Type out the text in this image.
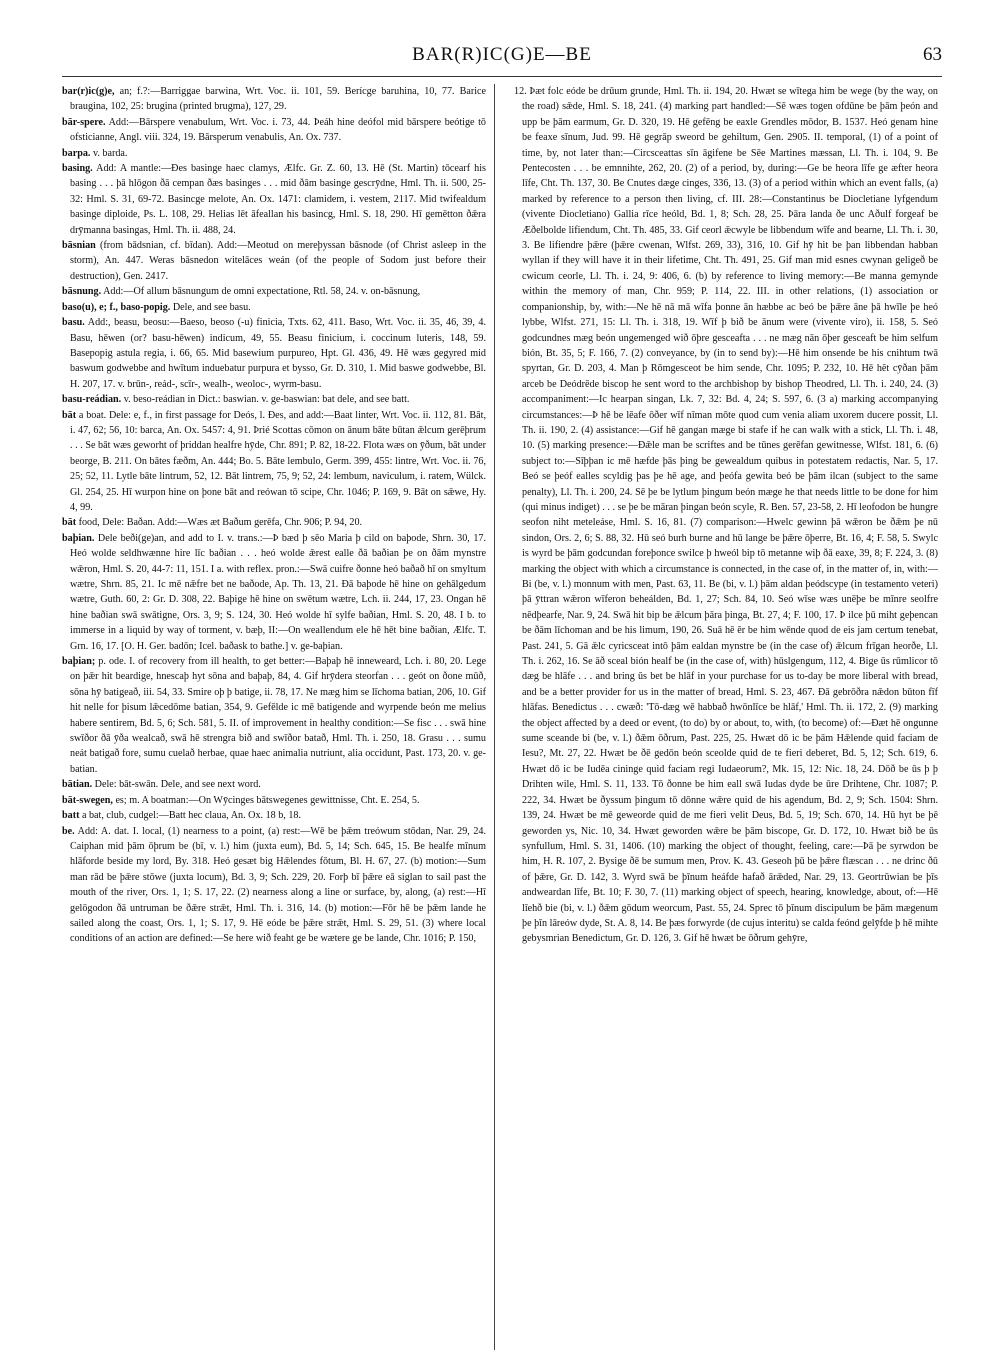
BAR(R)IC(G)E—BE	63

bar(r)ic(g)e, an; f.?:—Barriggae barwina, Wrt. Voc. ii. 101, 59. Berícge baruhina, 10, 77. Barice braugina, 102, 25: brugina (printed brugma), 127, 29.

bār-spere. Add:—Bārspere venabulum, Wrt. Voc. i. 73, 44. Þeáh hine deófol mid bārspere beótige tō ofsticianne, Angl. viii. 324, 19. Bārsperum venabulis, An. Ox. 737.

barpa. v. barda.

basing. Add: A mantle:—Ðes basinge haec clamys, Ælfc. Gr. Z. 60, 13. Hē (St. Martin) tōcearf his basing . . . þā hlōgon ðā cempan ðæs basinges . . . mid ðām basinge gescrȳdne, Hml. Th. ii. 500, 25-32: Hml. S. 31, 69-72. Basincge melote, An. Ox. 1471: clamidem, i. vestem, 2117. Mid twifealdum basinge diploide, Ps. L. 108, 29. Helias lēt āfeallan his basincg, Hml. S. 18, 290. Hī gemētton ðǣra drȳmanna basingas, Hml. Th. ii. 488, 24.

bāsnian (from bādsnian, cf. bīdan). Add:—Meotud on mereþyssan bāsnode (of Christ asleep in the storm), An. 447. Weras bāsnedon witelāces weán (of the people of Sodom just before their destruction), Gen. 2417.

bāsnung. Add:—Of allum bāsnungum de omni expectatione, Rtl. 58, 24. v. on-bāsnung,

baso(u), e; f., baso-popig. Dele, and see basu.

basu. Add:, beasu, beosu:—Baeso, beoso (-u) finicia, Txts. 62, 411. Baso, Wrt. Voc. ii. 35, 46, 39, 4. Basu, hēwen (or? basu-hēwen) indicum, 49, 55. Beasu finicium, i. coccinum luteris, 148, 59. Basepopig astula regia, i. 66, 65. Mid basewium purpureo, Hpt. Gl. 436, 49. Hē wæs gegyred mid baswum godwebbe and hwītum induebatur purpura et bysso, Gr. D. 310, 1. Mid baswe godwebbe, Bl. H. 207, 17. v. brūn-, reád-, scīr-, wealh-, weoloc-, wyrm-basu.

basu-reádian. v. beso-reádian in Dict.: baswian. v. ge-baswian: bat dele, and see batt.

bāt a boat. Dele: e, f., in first passage for Deós, l. Ðes, and add:—Baat linter, Wrt. Voc. ii. 112, 81. Bāt, i. 47, 62; 56, 10: barca, An. Ox. 5457: 4, 91. Þrié Scottas cōmon on ānum bāte būtan ǣlcum gerēþrum . . . Se bāt wæs geworht of þriddan healfre hȳde, Chr. 891; P. 82, 18-22. Flota wæs on ȳðum, bāt under beorge, B. 211. On bātes fæðm, An. 444; Bo. 5. Bāte lembulo, Germ. 399, 455: lintre, Wrt. Voc. ii. 76, 25; 52, 11. Lytle bāte lintrum, 52, 12. Bāt lintrem, 75, 9; 52, 24: lembum, naviculum, i. ratem, Wülck. Gl. 254, 25. Hī wurpon hine on þone bāt and reówan tō scipe, Chr. 1046; P. 169, 9. Bāt on sǣwe, Hy. 4, 99.

bāt food, Dele: Baðan. Add:—Wæs æt Baðum gerēfa, Chr. 906; P. 94, 20.

baþian. Dele beði(ge)an, and add to I. v. trans.:—Þ bæd þ sēo Maria þ cild on baþode, Shrn. 30, 17. Heó wolde seldhwænne hire līc baðian . . . heó wolde ǣrest ealle ðā baðian þe on ðām mynstre wǣron, Hml. S. 20, 44-7: 11, 151. I a. with reflex. pron.:—Swā cuifre ðonne heó baðað hī on smyltum wætre, Shrn. 85, 21. Ic mē nǣfre bet ne baðode, Ap. Th. 13, 21. Ðā baþode hē hine on gehālgedum wætre, Guth. 60, 2: Gr. D. 308, 22. Baþige hē hine on swētum wætre, Lch. ii. 244, 17, 23. Ongan hē hine baðian swā swātigne, Ors. 3, 9; S. 124, 30. Heó wolde hī sylfe baðian, Hml. S. 20, 48. I b. to immerse in a liquid by way of torment, v. bæþ, II:—On weallendum ele hē hēt bine baðian, Ælfc. T. Grn. 16, 17. [O. H. Ger. badōn; Icel. baðask to bathe.] v. ge-baþian.

baþian; p. ode. I. of recovery from ill health, to get better:—Baþaþ hē inneweard, Lch. i. 80, 20. Lege on þǣr hit beardige, hnescaþ hyt sōna and baþaþ, 84, 4. Gif hrȳdera steorfan . . . geót on ðone mūð, sōna hȳ batigeað, iii. 54, 33. Smire oþ þ batige, ii. 78, 17. Ne mæg him se līchoma batian, 206, 10. Gif hit nelle for þisum lǣcedōme batian, 354, 9. Gefēlde ic mē batigende and wyrpende beón me melius habere sentirem, Bd. 5, 6; Sch. 581, 5. II. of improvement in healthy condition:—Se fisc . . . swā hine swīðor ðā ȳða wealcað, swā hē strengra bið and swīðor batað, Hml. Th. i. 250, 18. Grasu . . . sumu neát batigað fore, sumu cuelað herbae, quae haec animalia nutriunt, alia occidunt, Past. 173, 20. v. ge-batian.

bātian. Dele: bāt-swān. Dele, and see next word.

bāt-swegen, es; m. A boatman:—On Wȳcinges bātswegenes gewittnisse, Cht. E. 254, 5.

batt a bat, club, cudgel:—Batt hec claua, An. Ox. 18 b, 18.

be. Add: A. dat. I. local, (1) nearness to a point, (a) rest:—Wē be þǣm treówum stōdan, Nar. 29, 24. Caiphan mid þām ōþrum be (bī, v. l.) him (juxta eum), Bd. 5, 14; Sch. 645, 15. Be healfe mīnum hlāforde beside my lord, By. 318. Heó gesæt big Hǣlendes fōtum, Bl. H. 67, 27. (b) motion:—Sum man rād be þǣre stōwe (juxta locum), Bd. 3, 9; Sch. 229, 20. Forþ bī þǣre eā siglan to sail past the mouth of the river, Ors. 1, 1; S. 17, 22. (2) nearness along a line or surface, by, along, (a) rest:—Hī gelōgodon ðā untruman be ðǣre strǣt, Hml. Th. i. 316, 14. (b) motion:—Fōr hē be þǣm lande he sailed along the coast, Ors. 1, 1; S. 17, 9. Hē eóde be þǣre strǣt, Hml. S. 29, 51. (3) where local conditions of an action are defined:—Se here wið feaht ge be wætere ge be lande, Chr. 1016; P. 150,

12. Þæt folc eóde be drūum grunde, Hml. Th. ii. 194, 20. Hwæt se wītega him be wege (by the way, on the road) sǣde, Hml. S. 18, 241. (4) marking part handled:—Sē wæs togen ofdūne be þām þeón and upp be þām earmum, Gr. D. 320, 19. Hē gefēng be eaxle Grendles mōdor, B. 1537. Heó genam hine be feaxe sīnum, Jud. 99. Hē gegrāp sweord be gehiltum, Gen. 2905. II. temporal, (1) of a point of time, by, not later than:—Circsceattas sīn āgifene be Sēe Martines mæssan, Ll. Th. i. 104, 9. Be Pentecosten . . . be emnnihte, 262, 20. (2) of a period, by, during:—Ge be heora līfe ge æfter heora līfe, Cht. Th. 137, 30. Be Cnutes dæge cinges, 336, 13. (3) of a period within which an event falls, (a) marked by reference to a person then living, cf. III. 28:—Constantinus be Diocletiane lyfgendum (vivente Diocletiano) Gallia rīce heóld, Bd. 1, 8; Sch. 28, 25. Þāra landa ðe unc Aðulf forgeaf be Æðelbolde lifiendum, Cht. Th. 485, 33. Gif ceorl ǣcwyle be libbendum wīfe and bearne, Ll. Th. i. 30, 3. Be lifiendre þǣre (þǣre cwenan, Wlfst. 269, 33), 316, 10. Gif hȳ hit be þan libbendan habban wyllan if they will have it in their lifetime, Cht. Th. 491, 25. Gif man mid esnes cwynan geligeð be cwicum ceorle, Ll. Th. i. 24, 9: 406, 6. (b) by reference to living memory:—Be manna gemynde within the memory of man, Chr. 959; P. 114, 22. III. in other relations, (1) association or companionship, by, with:—Ne hē nā mā wīfa þonne ān hæbbe ac beó be þǣre āne þā hwīle þe heó lybbe, Wlfst. 271, 15: Ll. Th. i. 318, 19. Wīf þ bið be ānum were (vivente viro), ii. 158, 5. Seó godcundnes mæg beón ungemenged wið ōþre gesceafta . . . ne mæg nān ōþer gesceaft be him selfum bión, Bt. 35, 5; F. 166, 7. (2) conveyance, by (in to send by):—Hē him onsende be his cnihtum twā spyrtan, Gr. D. 203, 4. Man þ Rōmgesceot be him sende, Chr. 1095; P. 232, 10. Hē hēt cȳðan þām arceb be Deódrēde biscop he sent word to the archbishop by bishop Theodred, Ll. Th. i. 240, 24. (3) accompaniment:—Ic hearpan singan, Lk. 7, 32: Bd. 4, 24; S. 597, 6. (3 a) marking accompanying circumstances:—Þ hē be lēafe ōðer wīf nīman mōte quod cum venia aliam uxorem ducere possit, Ll. Th. ii. 190, 2. (4) assistance:—Gif hē gangan mæge bi stafe if he can walk with a stick, Ll. Th. i. 48, 10. (5) marking presence:—Ðǣle man be scriftes and be tūnes gerēfan gewitnesse, Wlfst. 181, 6. (6) subject to:—Sīþþan ic mē hæfde þās þing be gewealdum quibus in potestatem redactis, Nar. 5, 17. Beó se þeóf ealles scyldig þas þe hē age, and þeófa gewita beó be þām ilcan (subject to the same penalty), Ll. Th. i. 200, 24. Sē þe be lytlum þingum beón mæge he that needs little to be done for him (qui minus indiget) . . . se þe be māran þingan beón scyle, R. Ben. 57, 23-58, 2. Hī leofodon be hungre seofon niht meteleáse, Hml. S. 16, 81. (7) comparison:—Hwelc gewinn þā wǣron be ðǣm þe nū sindon, Ors. 2, 6; S. 88, 32. Hū seó burh burne and hū lange be þǣre ōþerre, Bt. 16, 4; F. 58, 5. Swylc is wyrd be þām godcundan foreþonce swilce þ hweól bip tō metanne wiþ ðā eaxe, 39, 8; F. 224, 3. (8) marking the object with which a circumstance is connected, in the case of, in the matter of, in, with:—Bi (be, v. l.) monnum with men, Past. 63, 11. Be (bi, v. l.) þām aldan þeódscype (in testamento veteri) þā ȳttran wǣron wīferon beheálden, Bd. 1, 27; Sch. 84, 10. Seó wīse wæs unēþe be mīnre seolfre nēdþearfe, Nar. 9, 24. Swā hit bip be ǣlcum þāra þinga, Bt. 27, 4; F. 100, 17. Þ ilce þū miht geþencan be ðām līchoman and be his limum, 190, 26. Suā hē ēr be him wēnde quod de eis jam certum tenebat, Past. 241, 5. Gā ǣlc cyricsceat intō þām ealdan mynstre be (in the case of) ǣlcum frīgan heorðe, Ll. Th. i. 262, 16. Se āð sceal bión healf be (in the case of, with) hūslgengum, 112, 4. Bige ūs rūmlicor tō dæg be hlāfe . . . and bring ūs bet be hlāf in your purchase for us to-day be more liberal with bread, and be a better provider for us in the matter of bread, Hml. S. 23, 467. Ðā gebrōðra nǣdon būton fīf hlāfas. Benedictus . . . cwæð: 'Tō-dæg wē habbað hwōnlīce be hlāf,' Hml. Th. ii. 172, 2. (9) marking the object affected by a deed or event, (to do) by or about, to, with, (to become) of:—Ðæt hē ongunne sume sceande bi (be, v. l.) ðǣm ōðrum, Past. 225, 25. Hwæt dō ic be þām Hǣlende quid faciam de Iesu?, Mt. 27, 22. Hwæt be ðē gedōn beón sceolde quid de te fieri deberet, Bd. 5, 12; Sch. 619, 6. Hwæt dō ic be Iudēa cininge quid faciam regi Iudaeorum?, Mk. 15, 12: Nic. 18, 24. Dōð be ūs þ þ Drihten wile, Hml. S. 11, 133. Tō ðonne be him eall swā Iudas dyde be ūre Drihtene, Chr. 1087; P. 222, 34. Hwæt be ðyssum þingum tō dōnne wǣre quid de his agendum, Bd. 2, 9; Sch. 1504: Shrn. 139, 24. Hwæt be mē geweorde quid de me fieri velit Deus, Bd. 5, 19; Sch. 670, 14. Hū hyt be þē geworden ys, Nic. 10, 34. Hwæt geworden wǣre be þām biscope, Gr. D. 172, 10. Hwæt bið be ūs synfullum, Hml. S. 31, 1406. (10) marking the object of thought, feeling, care:—Þā þe syrwdon be him, H. R. 107, 2. Bysige ðē be sumum men, Prov. K. 43. Geseoh þū be þǣre flæscan . . . ne drinc ðū of þǣre, Gr. D. 142, 3. Wyrd swā be þīnum heáfde hafað ārǣded, Nar. 29, 13. Geortrūwian be þīs andweardan līfe, Bt. 10; F. 30, 7. (11) marking object of speech, hearing, knowledge, about, of:—Hē līehð bie (bi, v. l.) ðǣm gōdum weorcum, Past. 55, 24. Sprec tō þīnum discipulum be þām mægenum þe þīn lāreów dyde, St. A. 8, 14. Be þæs forwyrde (de cujus interitu) se calda feónd gelȳfde þ hē mihte gebysmrian Benedictum, Gr. D. 126, 3. Gif hē hwæt be ōðrum gehȳre,
